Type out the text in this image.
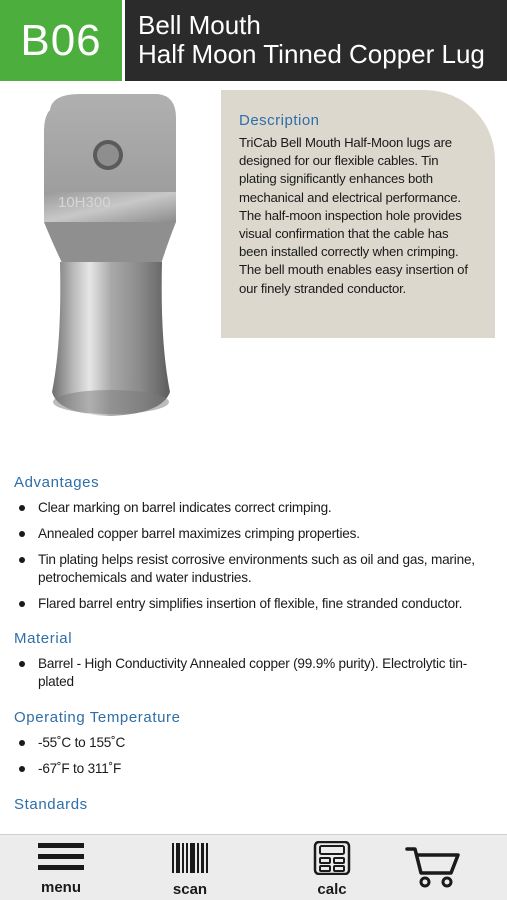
B06 Bell Mouth
Half Moon Tinned Copper Lug
10H300
Description
TriCab Bell Mouth Half-Moon lugs are designed for our flexible cables. Tin plating significantly enhances both mechanical and electrical performance. The half-moon inspection hole provides visual confirmation that the cable has been installed correctly when crimping. The bell mouth enables easy insertion of our finely stranded conductor.
Advantages
Clear marking on barrel indicates correct crimping.
Annealed copper barrel maximizes crimping properties.
Tin plating helps resist corrosive environments such as oil and gas, marine, petrochemicals and water industries.
Flared barrel entry simplifies insertion of flexible, fine stranded conductor.
Material
Barrel - High Conductivity Annealed copper (99.9% purity). Electrolytic tin-plated
Operating Temperature
-55˚C to 155˚C
-67˚F to 311˚F
Standards
menu	scan	calc
